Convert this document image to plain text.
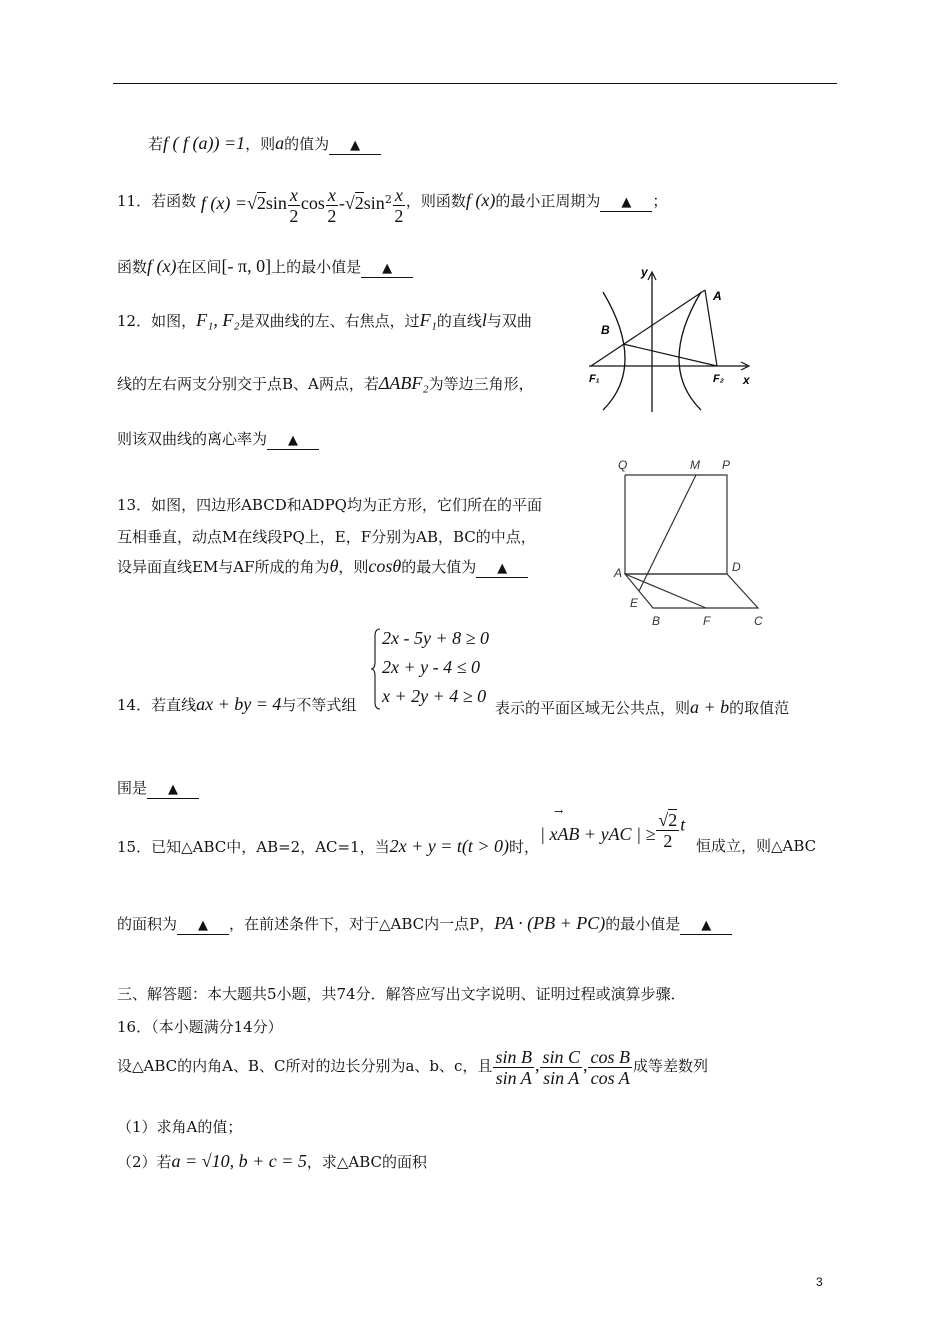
若f ( f (a)) =1，则a的值为 ▲
11．若函数 f $(x) =√2\sin \frac{x}{2}$ $\cos \frac{x}{2} -√2\sin^2 \frac{x}{2}$ ，则函数f (x)的最小正周期为 ▲ ；
函数f (x)在区间[- π, 0]上的最小值是 ▲
12．如图，F₁, F₂是双曲线的左、右焦点，过F₁的直线l与双曲
线的左右两支分别交于点B、A两点，若ΔABF₂为等边三角形，
则该双曲线的离心率为 ▲
y
x
A
B
F₁	F₂
13．如图，四边形ABCD和ADPQ均为正方形，它们所在的平面
互相垂直，动点M在线段PQ上，E，F分别为AB，BC的中点，
设异面直线EM与AF所成的角为θ，则cosθ的最大值为 ▲
Q	M P
A	D
E
B	F	C
2x - 5y + 8 ≥ 0
2x + y - 4 ≤ 0
x + 2y + 4 ≥ 0
14．若直线ax + by = 4与不等式组	表示的平面区域无公共点，则a + b的取值范
围是 ▲
15．已知△ABC中，AB=2，AC=1，当2x + y = t(t > 0)时，
→
| xAB + yAC | ≥ $\frac{√2}{2}$ t
恒成立，则△ABC
的面积为 ▲ ，在前述条件下，对于△ABC内一点P，PA · (PB + PC)的最小值是 ▲
三、解答题：本大题共5小题，共74分．解答应写出文字说明、证明过程或演算步骤．
16．（本小题满分14分）
设△ABC的内角A、B、C所对的边长分别为a、b、c，且 $\frac{\text{sin B}}{\text{sin A}}$ , $\frac{\text{sin C}}{\text{sin A}}$ , $\frac{\text{cos B}}{\text{cos A}}$ 成等差数列
（1）求角A的值；
（2）若a = √10, b + c = 5，求△ABC的面积
3
